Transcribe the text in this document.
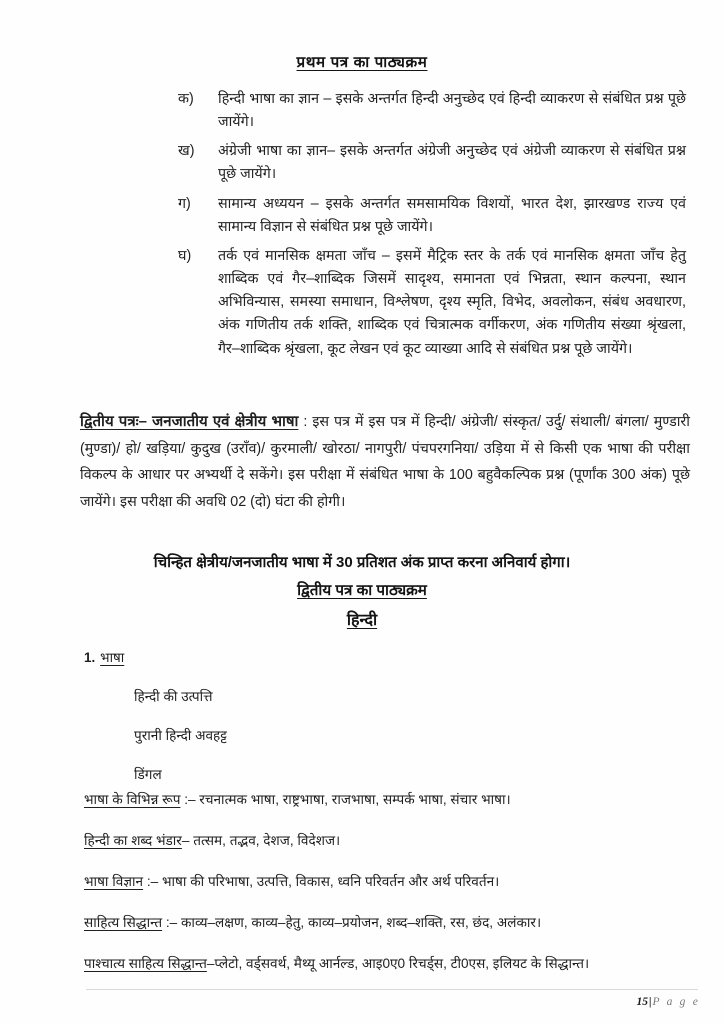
प्रथम पत्र का पाठ्यक्रम
क)	हिन्दी भाषा का ज्ञान – इसके अन्तर्गत हिन्दी अनुच्छेद एवं हिन्दी व्याकरण से संबंधित प्रश्न पूछे जायेंगे।
ख)	अंग्रेजी भाषा का ज्ञान– इसके अन्तर्गत अंग्रेजी अनुच्छेद एवं अंग्रेजी व्याकरण से संबंधित प्रश्न पूछे जायेंगे।
ग)	सामान्य अध्ययन – इसके अन्तर्गत समसामयिक विशयों, भारत देश, झारखण्ड राज्य एवं सामान्य विज्ञान से संबंधित प्रश्न पूछे जायेंगे।
घ)	तर्क एवं मानसिक क्षमता जाँच – इसमें मैट्रिक स्तर के तर्क एवं मानसिक क्षमता जाँच हेतु शाब्दिक एवं गैर–शाब्दिक जिसमें सादृश्य, समानता एवं भिन्नता, स्थान कल्पना, स्थान अभिविन्यास, समस्या समाधान, विश्लेषण, दृश्य स्मृति, विभेद, अवलोकन, संबंध अवधारण, अंक गणितीय तर्क शक्ति, शाब्दिक एवं चित्रात्मक वर्गीकरण, अंक गणितीय संख्या श्रृंखला, गैर–शाब्दिक श्रृंखला, कूट लेखन एवं कूट व्याख्या आदि से संबंधित प्रश्न पूछे जायेंगे।
द्वितीय पत्रः– जनजातीय एवं क्षेत्रीय भाषा : इस पत्र में इस पत्र में हिन्दी/ अंग्रेजी/ संस्कृत/ उर्दु/ संथाली/ बंगला/ मुण्डारी (मुण्डा)/ हो/ खड़िया/ कुदुख (उराँव)/ कुरमाली/ खोरठा/ नागपुरी/ पंचपरगनिया/ उड़िया में से किसी एक भाषा की परीक्षा विकल्प के आधार पर अभ्यर्थी दे सकेंगे। इस परीक्षा में संबंधित भाषा के 100 बहुवैकल्पिक प्रश्न (पूर्णांक 300 अंक) पूछे जायेंगे। इस परीक्षा की अवधि 02 (दो) घंटा की होगी।
चिन्हित क्षेत्रीय/जनजातीय भाषा में 30 प्रतिशत अंक प्राप्त करना अनिवार्य होगा।
द्वितीय पत्र का पाठ्यक्रम
हिन्दी
1. भाषा
हिन्दी की उत्पत्ति
पुरानी हिन्दी अवहट्ट
डिंगल
भाषा के विभिन्न रूप :– रचनात्मक भाषा, राष्ट्रभाषा, राजभाषा, सम्पर्क भाषा, संचार भाषा।
हिन्दी का शब्द भंडार– तत्सम, तद्भव, देशज, विदेशज।
भाषा विज्ञान :– भाषा की परिभाषा, उत्पत्ति, विकास, ध्वनि परिवर्तन और अर्थ परिवर्तन।
साहित्य सिद्धान्त :– काव्य–लक्षण, काव्य–हेतु, काव्य–प्रयोजन, शब्द–शक्ति, रस, छंद, अलंकार।
पाश्चात्य साहित्य सिद्धान्त–प्लेटो, वर्ड्सवर्थ, मैथ्यू आर्नल्ड, आइ0ए0 रिचर्ड्स, टी0एस, इलियट के सिद्धान्त।
15|P a g e
